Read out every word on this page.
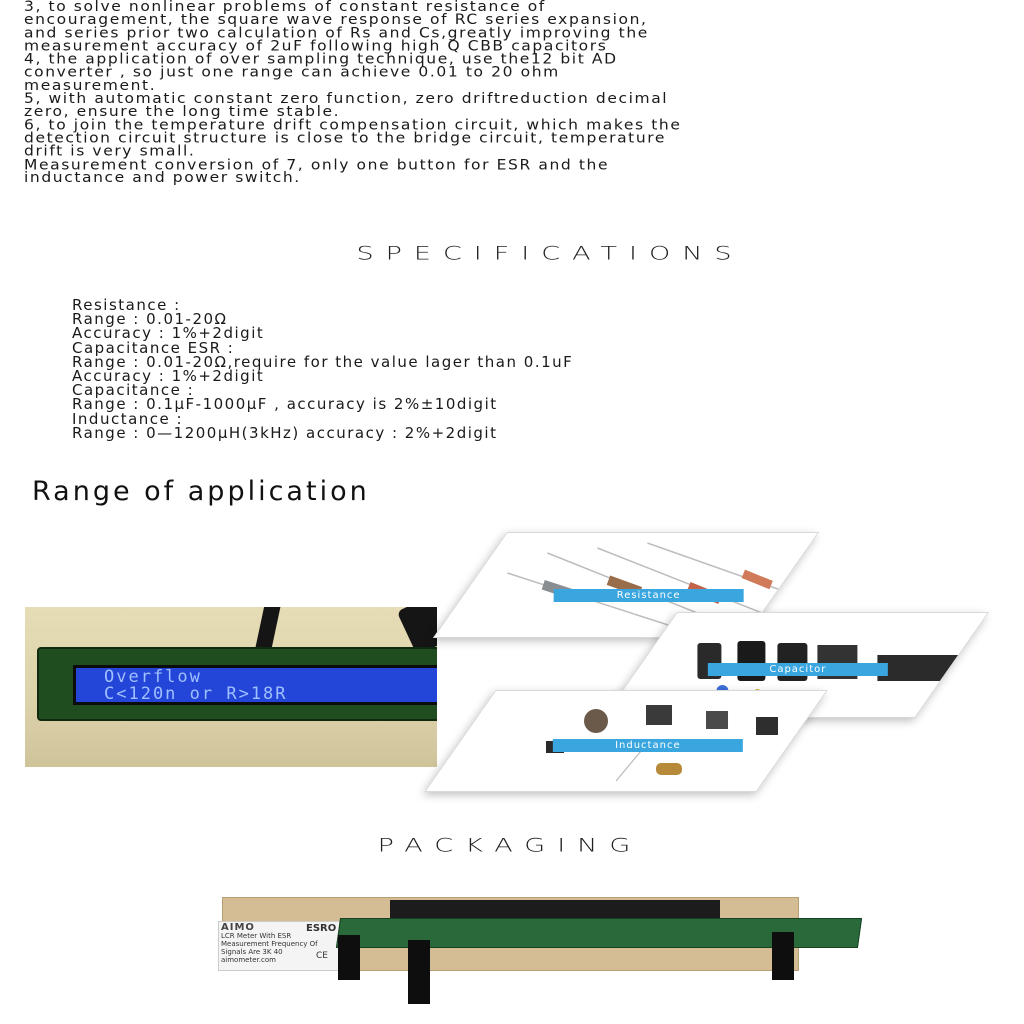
3, to solve nonlinear problems of constant resistance of

encouragement, the square wave response of RC series expansion,

and series prior two calculation of Rs and Cs,greatly improving the

measurement accuracy of 2uF following high Q CBB capacitors

4, the application of over sampling technique, use the12 bit AD

converter , so just one range can achieve 0.01 to 20 ohm

measurement.

5, with automatic constant zero function, zero driftreduction decimal

zero, ensure the long time stable.

6, to join the temperature drift compensation circuit, which makes the

detection circuit structure is close to the bridge circuit, temperature

drift is very small.

Measurement conversion of 7, only one button for ESR and the

inductance and power switch.

SPECIFICATIONS

Resistance :

Range : 0.01-20Ω

Accuracy : 1%+2digit

Capacitance ESR :

Range : 0.01-20Ω,require for the value lager than 0.1uF

Accuracy : 1%+2digit

Capacitance :

Range : 0.1μF-1000μF , accuracy is 2%±10digit

Inductance :

Range : 0—1200μH(3kHz) accuracy : 2%+2digit

Range of application
Overflow
C<120n or R>18R
Resistance
Capacitor
Inductance
PACKAGING
AIMO
LCR Meter With ESR Measurement Frequency Of Signals Are 3K 40
aimometer.com
ESRO
CE
